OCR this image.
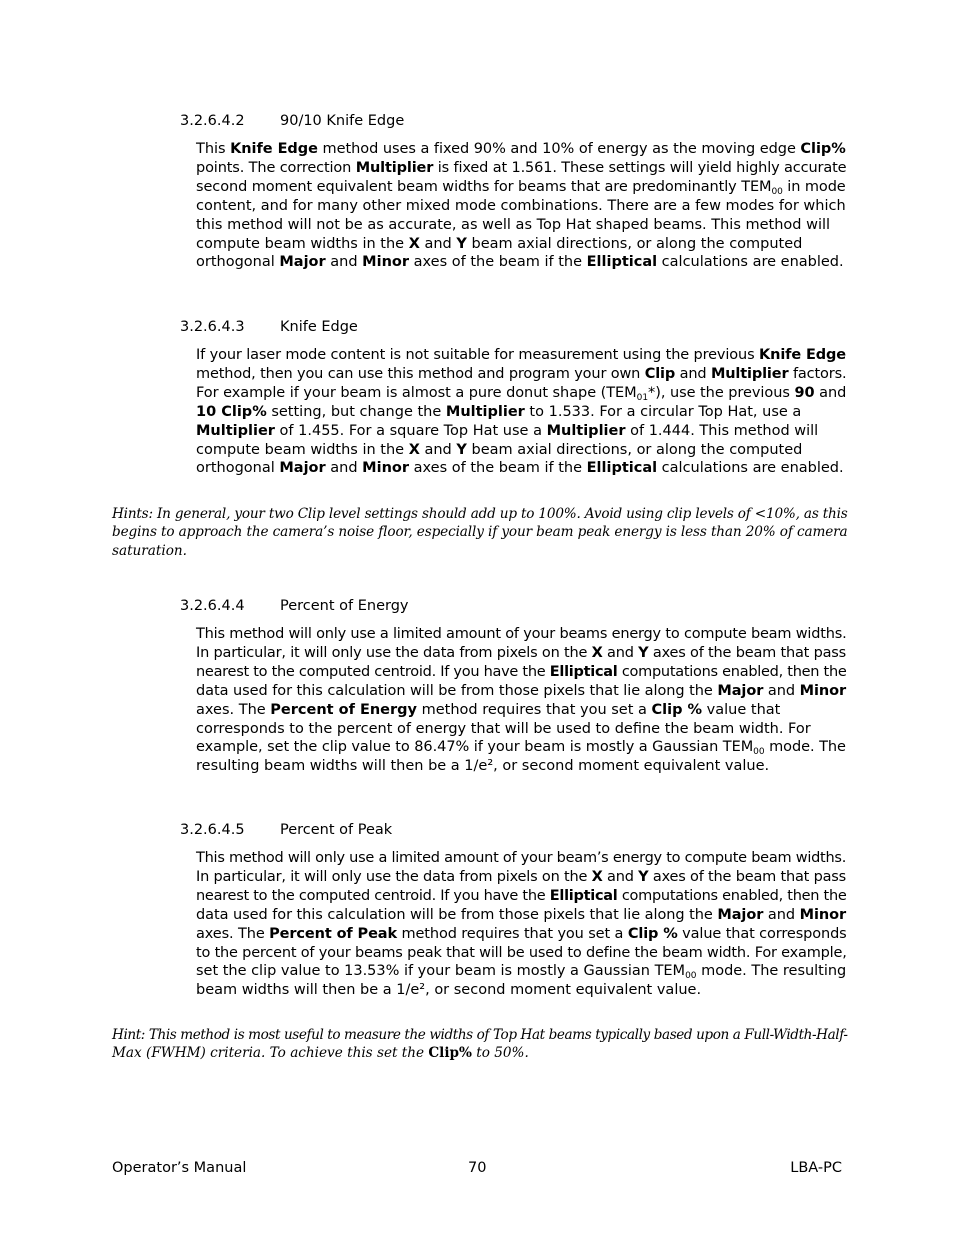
3.2.6.4.2 90/10 Knife Edge
This Knife Edge method uses a fixed 90% and 10% of energy as the moving edge Clip%
points. The correction Multiplier is fixed at 1.561. These settings will yield highly accurate
second moment equivalent beam widths for beams that are predominantly $TEM_{00}$ in mode
content, and for many other mixed mode combinations. There are a few modes for which
this method will not be as accurate, as well as Top Hat shaped beams. This method will
compute beam widths in the X and Y beam axial directions, or along the computed
orthogonal Major and Minor axes of the beam if the Elliptical calculations are enabled.
3.2.6.4.3 Knife Edge
If your laser mode content is not suitable for measurement using the previous Knife Edge
method, then you can use this method and program your own Clip and Multiplier factors.
For example if your beam is almost a pure donut shape $(TEM_{01}*)$, use the previous 90 and
10 Clip% setting, but change the Multiplier to 1.533. For a circular Top Hat, use a
Multiplier of 1.455. For a square Top Hat use a Multiplier of 1.444. This method will
compute beam widths in the X and Y beam axial directions, or along the computed
orthogonal Major and Minor axes of the beam if the Elliptical calculations are enabled.
Hints: In general, your two Clip level settings should add up to 100%. Avoid using clip levels of <10%, as this
begins to approach the camera’s noise floor, especially if your beam peak energy is less than 20% of camera
saturation.
3.2.6.4.4 Percent of Energy
This method will only use a limited amount of your beams energy to compute beam widths.
In particular, it will only use the data from pixels on the X and Y axes of the beam that pass
nearest to the computed centroid. If you have the Elliptical computations enabled, then the
data used for this calculation will be from those pixels that lie along the Major and Minor
axes. The Percent of Energy method requires that you set a Clip % value that
corresponds to the percent of energy that will be used to define the beam width. For
example, set the clip value to 86.47% if your beam is mostly a Gaussian $TEM_{00}$ mode. The
resulting beam widths will then be a 1/e², or second moment equivalent value.
3.2.6.4.5 Percent of Peak
This method will only use a limited amount of your beam’s energy to compute beam widths.
In particular, it will only use the data from pixels on the X and Y axes of the beam that pass
nearest to the computed centroid. If you have the Elliptical computations enabled, then the
data used for this calculation will be from those pixels that lie along the Major and Minor
axes. The Percent of Peak method requires that you set a Clip % value that corresponds
to the percent of your beams peak that will be used to define the beam width. For example,
set the clip value to 13.53% if your beam is mostly a Gaussian $TEM_{00}$ mode. The resulting
beam widths will then be a 1/e², or second moment equivalent value.
Hint: This method is most useful to measure the widths of Top Hat beams typically based upon a Full-Width-Half-
Max (FWHM) criteria. To achieve this set the Clip% to 50%.
Operator’s Manual	70	LBA-PC
